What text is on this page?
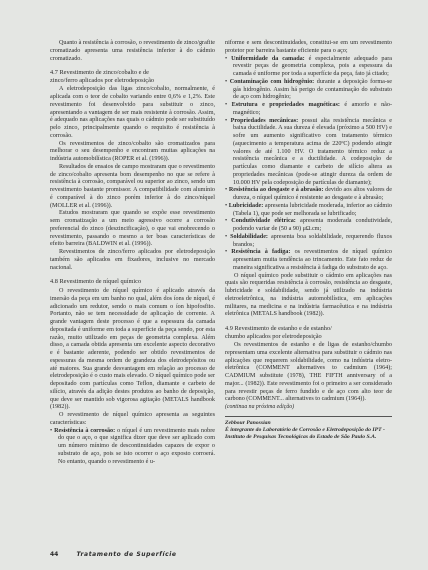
Quanto à resistência à corrosão, o revestimento de zinco/grafite cromatizado apresenta uma resistência inferior à do cádmio cromatizado.

4.7 Revestimento de zinco/cobalto e de
zinco/ferro aplicados por eletrodeposição

A eletrodeposição das ligas zinco/cobalto, normalmente, é aplicada com o teor de cobalto variando entre 0,6% e 1,2%. Este revestimento foi desenvolvido para substituir o zinco, apresentando a vantagem de ser mais resistente à corrosão. Assim, é adequado nas aplicações nas quais o cádmio pode ser substituído pelo zinco, principalmente quando o requisito é resistência à corrosão.

Os revestimentos de zinco/cobalto são cromatizados para melhorar o seu desempenho e encontram muitas aplicações na indústria automobilística (ROPER et al. (1996)).

Resultados de ensaios de campo mostraram que o revestimento de zinco/cobalto apresenta bom desempenho no que se refere à resistência à corrosão, comparável ou superior ao zinco, sendo um revestimento bastante promissor. A compatibilidade com alumínio é comparável à do zinco porém inferior à do zinco/níquel (MOLLER et al. (1996)).

Estudos mostraram que quando se expõe esse revestimento sem cromatização a um meio agressivo ocorre a corrosão preferencial do zinco (deszincificação), o que vai enobrecendo o revestimento, passando o mesmo a ter boas características de efeito barreira (BALDWIN et al. (1996)).

Revestimentos de zinco/ferro aplicados por eletrodeposição também são aplicados em fixadores, inclusive no mercado nacional.

4.8 Revestimento de níquel químico

O revestimento de níquel químico é aplicado através da imersão da peça em um banho no qual, além dos íons de níquel, é adicionado um redutor, sendo o mais comum o íon hipofosfito. Portanto, não se tem necessidade de aplicação de corrente. A grande vantagem deste processo é que a espessura da camada depositada é uniforme em toda a superfície da peça sendo, por esta razão, muito utilizado em peças de geometria complexa. Além disso, a camada obtida apresenta um excelente aspecto decorativo e é bastante aderente, podendo ser obtido revestimentos de espessuras da mesma ordem de grandeza dos eletrodepósitos ou até maiores. Sua grande desvantagem em relação ao processo de eletrodeposição é o custo mais elevado. O níquel químico pode ser depositado com partículas como Teflon, diamante e carbeto de silício, através da adição destes produtos ao banho de deposição, que deve ser mantido sob vigorosa agitação (METALS handbook (1982)).

O revestimento de níquel químico apresenta as seguintes características:

• Resistência à corrosão: o níquel é um revestimento mais nobre do que o aço, o que significa dizer que deve ser aplicado com um número mínimo de descontinuidades capazes de expor o substrato de aço, pois se isto ocorrer o aço exposto corroerá. No entanto, quando o revestimento é u-

niforme e sem descontinuidades, constitui-se em um revestimento protetor por barreira bastante eficiente para o aço;

• Uniformidade da camada: é especialmente adequado para revestir peças de geometria complexa, pois a espessura da camada é uniforme por toda a superfície da peça, fato já citado;

• Contaminação com hidrogênio: durante a deposição forma-se gás hidrogênio. Assim há perigo de contaminação do substrato de aço com hidrogênio;

• Estrutura e propriedades magnéticas: é amorfo e não-magnético;

• Propriedades mecânicas: possui alta resistência mecânica e baixa ductilidade. A sua dureza é elevada (próximo a 500 HV) e sofre um aumento significativo com tratamento térmico (aquecimento a temperatura acima de 220ºC) podendo atingir valores de até 1.100 HV. O tratamento térmico reduz a resistência mecânica e a ductilidade. A codeposição de partículas como diamante e carbeto de silício altera as propriedades mecânicas (pode-se atingir dureza da ordem de 10.000 HV pela codeposição de partículas de diamante);

• Resistência ao desgaste e à abrasão: devido aos altos valores de dureza, o níquel químico é resistente ao desgaste e à abrasão;

• Lubricidade: apresenta lubricidade moderada, inferior ao cádmio (Tabela 1), que pode ser melhorada se lubrificado;

• Condutividade elétrica: apresenta moderada condutividade, podendo variar de (50 a 90) μΩ.cm;

• Soldabilidade: apresenta boa soldabilidade, requerendo fluxos brandos;

• Resistência à fadiga: os revestimentos de níquel químico apresentam muita tendência ao trincamento. Este fato reduz de maneira significativa a resistência à fadiga do substrato de aço.

O níquel químico pode substituir o cádmio em aplicações nas quais são requeridas resistência à corrosão, resistência ao desgaste, lubricidade e soldabilidade, sendo já utilizado na indústria eletroeletrônica, na indústria automobilística, em aplicações militares, na medicina e na indústria farmacêutica e na indústria eletrônica (METALS handbook (1982)).

4.9 Revestimento de estanho e de estanho/
chumbo aplicados por eletrodeposição

Os revestimentos de estanho e de ligas de estanho/chumbo representam uma excelente alternativa para substituir o cádmio nas aplicações que requerem soldabilidade, como na indústria eletro-eletrônica (COMMENT alternatives to cadmium (1964); CADMIUM substitute (1978), THE FIFTH anniversary of a major... (1982)). Este revestimento foi o primeiro a ser considerado para revestir peças de ferro fundido e de aço com alto teor de carbono (COMMENT... alternatives to cadmium (1964)).

(continua na próxima edição)

Zebbour Panossian
É integrante do Laboratório de Corrosão e Eletrodeposição do IPT - Instituto de Pesquisas Tecnológicas do Estado de São Paulo S.A.
44	Tratamento de Superfície
